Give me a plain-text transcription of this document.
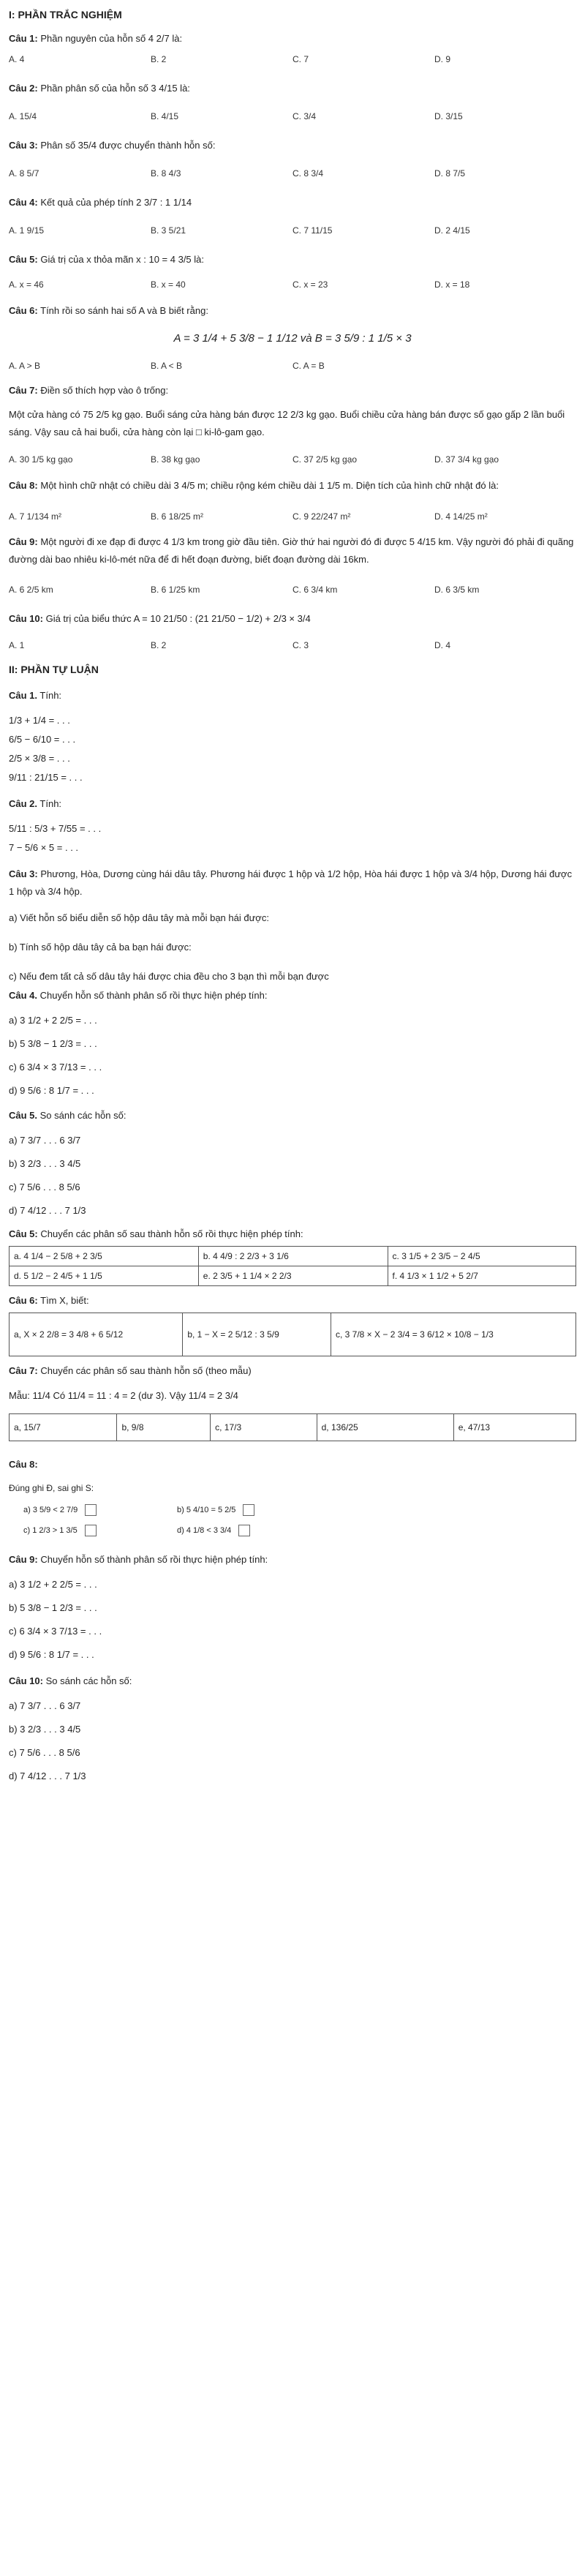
I: PHẦN TRẮC NGHIỆM
Câu 1: Phần nguyên của hỗn số 4 2/7 là:
A. 4	B. 2	C. 7	D. 9
Câu 2: Phần phân số của hỗn số 3 4/15 là:
A. 15/4	B. 4/15	C. 3/4	D. 3/15
Câu 3: Phân số 35/4 được chuyển thành hỗn số:
A. 8 5/7	B. 8 4/3	C. 8 3/4	D. 8 7/5
Câu 4: Kết quả của phép tính 2 3/7 : 1 1/14
A. 1 9/15	B. 3 5/21	C. 7 11/15	D. 2 4/15
Câu 5: Giá trị của x thỏa mãn x : 10 = 4 3/5 là:
A. x = 46	B. x = 40	C. x = 23	D. x = 18
Câu 6: Tính rồi so sánh hai số A và B biết rằng:
A = 3 1/4 + 5 3/8 − 1 1/12 và B = 3 5/9 : 1 1/5 × 3
A. A > B	B. A < B	C. A = B
Câu 7: Điền số thích hợp vào ô trống:
Một cửa hàng có 75 2/5 kg gạo. Buổi sáng cửa hàng bán được 12 2/3 kg gạo. Buổi chiều cửa hàng bán được số gạo gấp 2 lần buổi sáng. Vậy sau cả hai buổi, cửa hàng còn lại □ ki-lô-gam gạo.
A. 30 1/5 kg gạo	B. 38 kg gạo	C. 37 2/5 kg gạo	D. 37 3/4 kg gạo
Câu 8: Một hình chữ nhật có chiều dài 3 4/5 m; chiều rộng kém chiều dài 1 1/5 m. Diện tích của hình chữ nhật đó là:
A. 7 1/134 m²	B. 6 18/25 m²	C. 9 22/247 m²	D. 4 14/25 m²
Câu 9: Một người đi xe đạp đi được 4 1/3 km trong giờ đầu tiên. Giờ thứ hai người đó đi được 5 4/15 km. Vậy người đó phải đi quãng đường dài bao nhiêu ki-lô-mét nữa để đi hết đoạn đường, biết đoạn đường dài 16km.
A. 6 2/5 km	B. 6 1/25 km	C. 6 3/4 km	D. 6 3/5 km
Câu 10: Giá trị của biểu thức A = 10 21/50 : (21 21/50 − 1/2) + 2/3 × 3/4
A. 1	B. 2	C. 3	D. 4
II: PHẦN TỰ LUẬN
Câu 1. Tính:
1/3 + 1/4 = . . .
6/5 − 6/10 = . . .
2/5 × 3/8 = . . .
9/11 : 21/15 = . . .
Câu 2. Tính:
5/11 : 5/3 + 7/55 = . . .
7 − 5/6 × 5 = . . .
Câu 3: Phương, Hòa, Dương cùng hái dâu tây. Phương hái được 1 hộp và 1/2 hộp, Hòa hái được 1 hộp và 3/4 hộp, Dương hái được 1 hộp và 3/4 hộp.
a) Viết hỗn số biểu diễn số hộp dâu tây mà mỗi bạn hái được:
b) Tính số hộp dâu tây cả ba bạn hái được:
c) Nếu đem tất cả số dâu tây hái được chia đều cho 3 bạn thì mỗi bạn được
Câu 4. Chuyển hỗn số thành phân số rồi thực hiện phép tính:
a) 3 1/2 + 2 2/5 = . . .
b) 5 3/8 − 1 2/3 = . . .
c) 6 3/4 × 3 7/13 = . . .
d) 9 5/6 : 8 1/7 = . . .
Câu 5. So sánh các hỗn số:
a) 7 3/7 . . . 6 3/7
b) 3 2/3 . . . 3 4/5
c) 7 5/6 . . . 8 5/6
d) 7 4/12 . . . 7 1/3
Câu 5: Chuyển các phân số sau thành hỗn số rồi thực hiện phép tính:
a. 4 1/4 − 2 5/8 + 2 3/5	b. 4 4/9 : 2 2/3 + 3 1/6	c. 3 1/5 + 2 3/5 − 2 4/5
d. 5 1/2 − 2 4/5 + 1 1/5	e. 2 3/5 + 1 1/4 × 2 2/3	f. 4 1/3 × 1 1/2 + 5 2/7
Câu 6: Tìm X, biết:
a, X × 2 2/8 = 3 4/8 + 6 5/12	b, 1 − X = 2 5/12 : 3 5/9	c, 3 7/8 × X − 2 3/4 = 3 6/12 × 10/8 − 1/3
Câu 7: Chuyển các phân số sau thành hỗn số (theo mẫu)
Mẫu: 11/4 Có 11/4 = 11 : 4 = 2 (dư 3). Vậy 11/4 = 2 3/4
a, 15/7	b, 9/8	c, 17/3	d, 136/25	e, 47/13
Câu 8:
Đúng ghi Đ, sai ghi S:
a) 3 5/9 < 2 7/9	b) 5 4/10 = 5 2/5
c) 1 2/3 > 1 3/5	d) 4 1/8 < 3 3/4
Câu 9: Chuyển hỗn số thành phân số rồi thực hiện phép tính:
a) 3 1/2 + 2 2/5 = . . .
b) 5 3/8 − 1 2/3 = . . .
c) 6 3/4 × 3 7/13 = . . .
d) 9 5/6 : 8 1/7 = . . .
Câu 10: So sánh các hỗn số:
a) 7 3/7 . . . 6 3/7
b) 3 2/3 . . . 3 4/5
c) 7 5/6 . . . 8 5/6
d) 7 4/12 . . . 7 1/3
